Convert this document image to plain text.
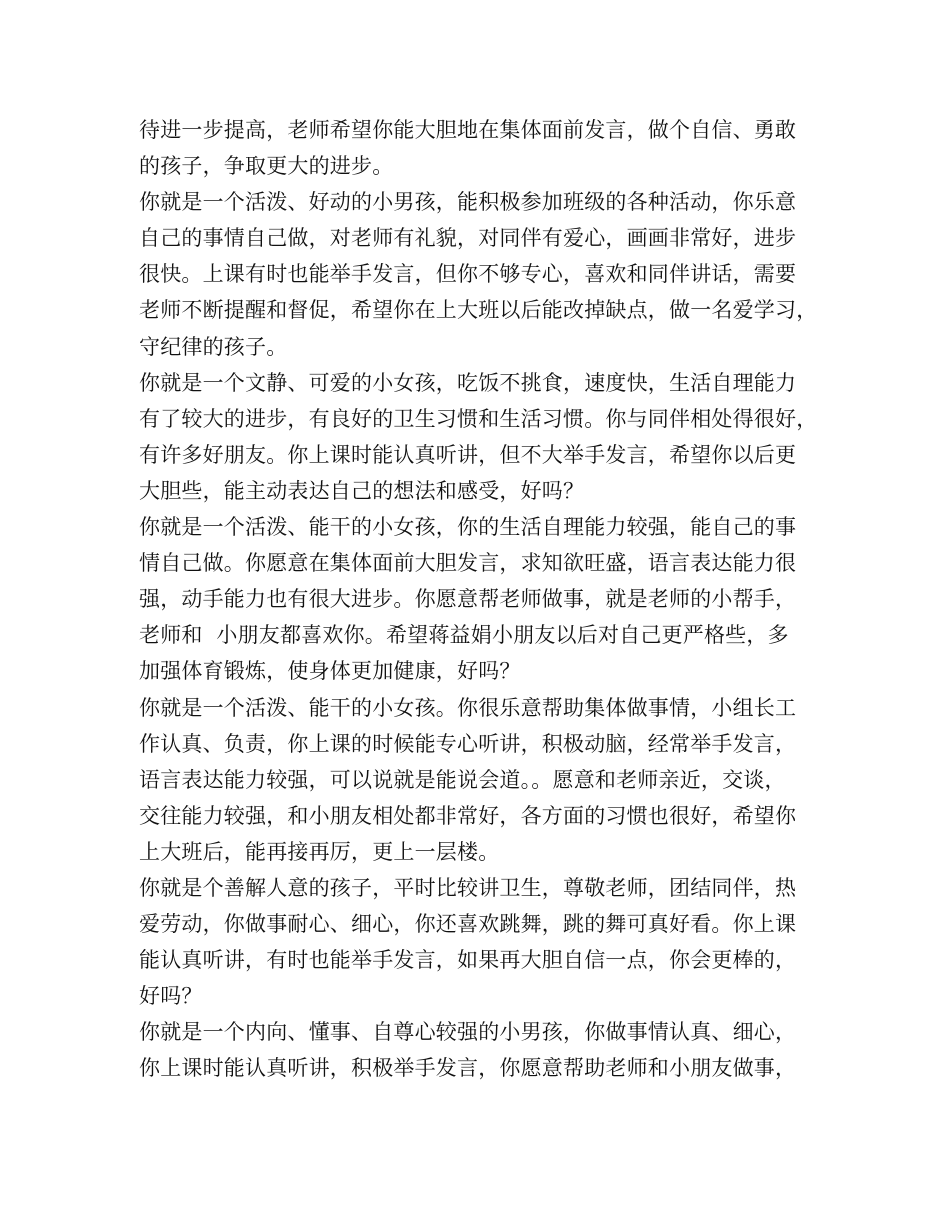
待进一步提高，老师希望你能大胆地在集体面前发言，做个自信、勇敢
的孩子，争取更大的进步。
你就是一个活泼、好动的小男孩，能积极参加班级的各种活动，你乐意
自己的事情自己做，对老师有礼貌，对同伴有爱心，画画非常好，进步
很快。上课有时也能举手发言，但你不够专心，喜欢和同伴讲话，需要
老师不断提醒和督促，希望你在上大班以后能改掉缺点，做一名爱学习，
守纪律的孩子。
你就是一个文静、可爱的小女孩，吃饭不挑食，速度快，生活自理能力
有了较大的进步，有良好的卫生习惯和生活习惯。你与同伴相处得很好，
有许多好朋友。你上课时能认真听讲，但不大举手发言，希望你以后更
大胆些，能主动表达自己的想法和感受，好吗？
你就是一个活泼、能干的小女孩，你的生活自理能力较强，能自己的事
情自己做。你愿意在集体面前大胆发言，求知欲旺盛，语言表达能力很
强，动手能力也有很大进步。你愿意帮老师做事，就是老师的小帮手，
老师和  小朋友都喜欢你。希望蒋益娟小朋友以后对自己更严格些，多
加强体育锻炼，使身体更加健康，好吗？
你就是一个活泼、能干的小女孩。你很乐意帮助集体做事情，小组长工
作认真、负责，你上课的时候能专心听讲，积极动脑，经常举手发言，
语言表达能力较强，可以说就是能说会道。。愿意和老师亲近，交谈，
交往能力较强，和小朋友相处都非常好，各方面的习惯也很好，希望你
上大班后，能再接再厉，更上一层楼。
你就是个善解人意的孩子，平时比较讲卫生，尊敬老师，团结同伴，热
爱劳动，你做事耐心、细心，你还喜欢跳舞，跳的舞可真好看。你上课
能认真听讲，有时也能举手发言，如果再大胆自信一点，你会更棒的，
好吗？
你就是一个内向、懂事、自尊心较强的小男孩，你做事情认真、细心，
你上课时能认真听讲，积极举手发言，你愿意帮助老师和小朋友做事，
